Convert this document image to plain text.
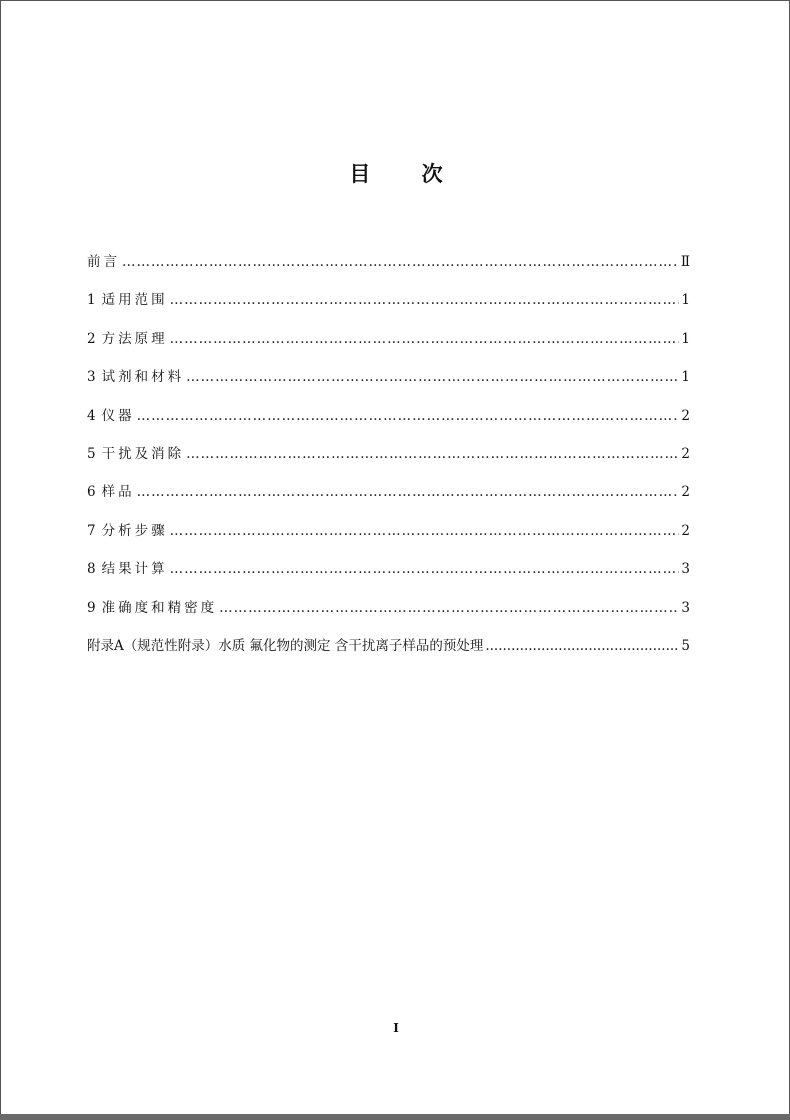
目 次
前言 ………………………………………………………………………………………………………………………………………………………………………………	Ⅱ
1 适用范围 ………………………………………………………………………………………………………………………………………………………………………………	1
2 方法原理 ………………………………………………………………………………………………………………………………………………………………………………	1
3 试剂和材料 ………………………………………………………………………………………………………………………………………………………………………………	1
4 仪器 ………………………………………………………………………………………………………………………………………………………………………………	2
5 干扰及消除 ………………………………………………………………………………………………………………………………………………………………………………	2
6 样品 ………………………………………………………………………………………………………………………………………………………………………………	2
7 分析步骤 ………………………………………………………………………………………………………………………………………………………………………………	2
8 结果计算 ………………………………………………………………………………………………………………………………………………………………………………	3
9 准确度和精密度 ………………………………………………………………………………………………………………………………………………………………………………	3
附录A（规范性附录）水质 氟化物的测定 含干扰离子样品的预处理 .....	5
I
